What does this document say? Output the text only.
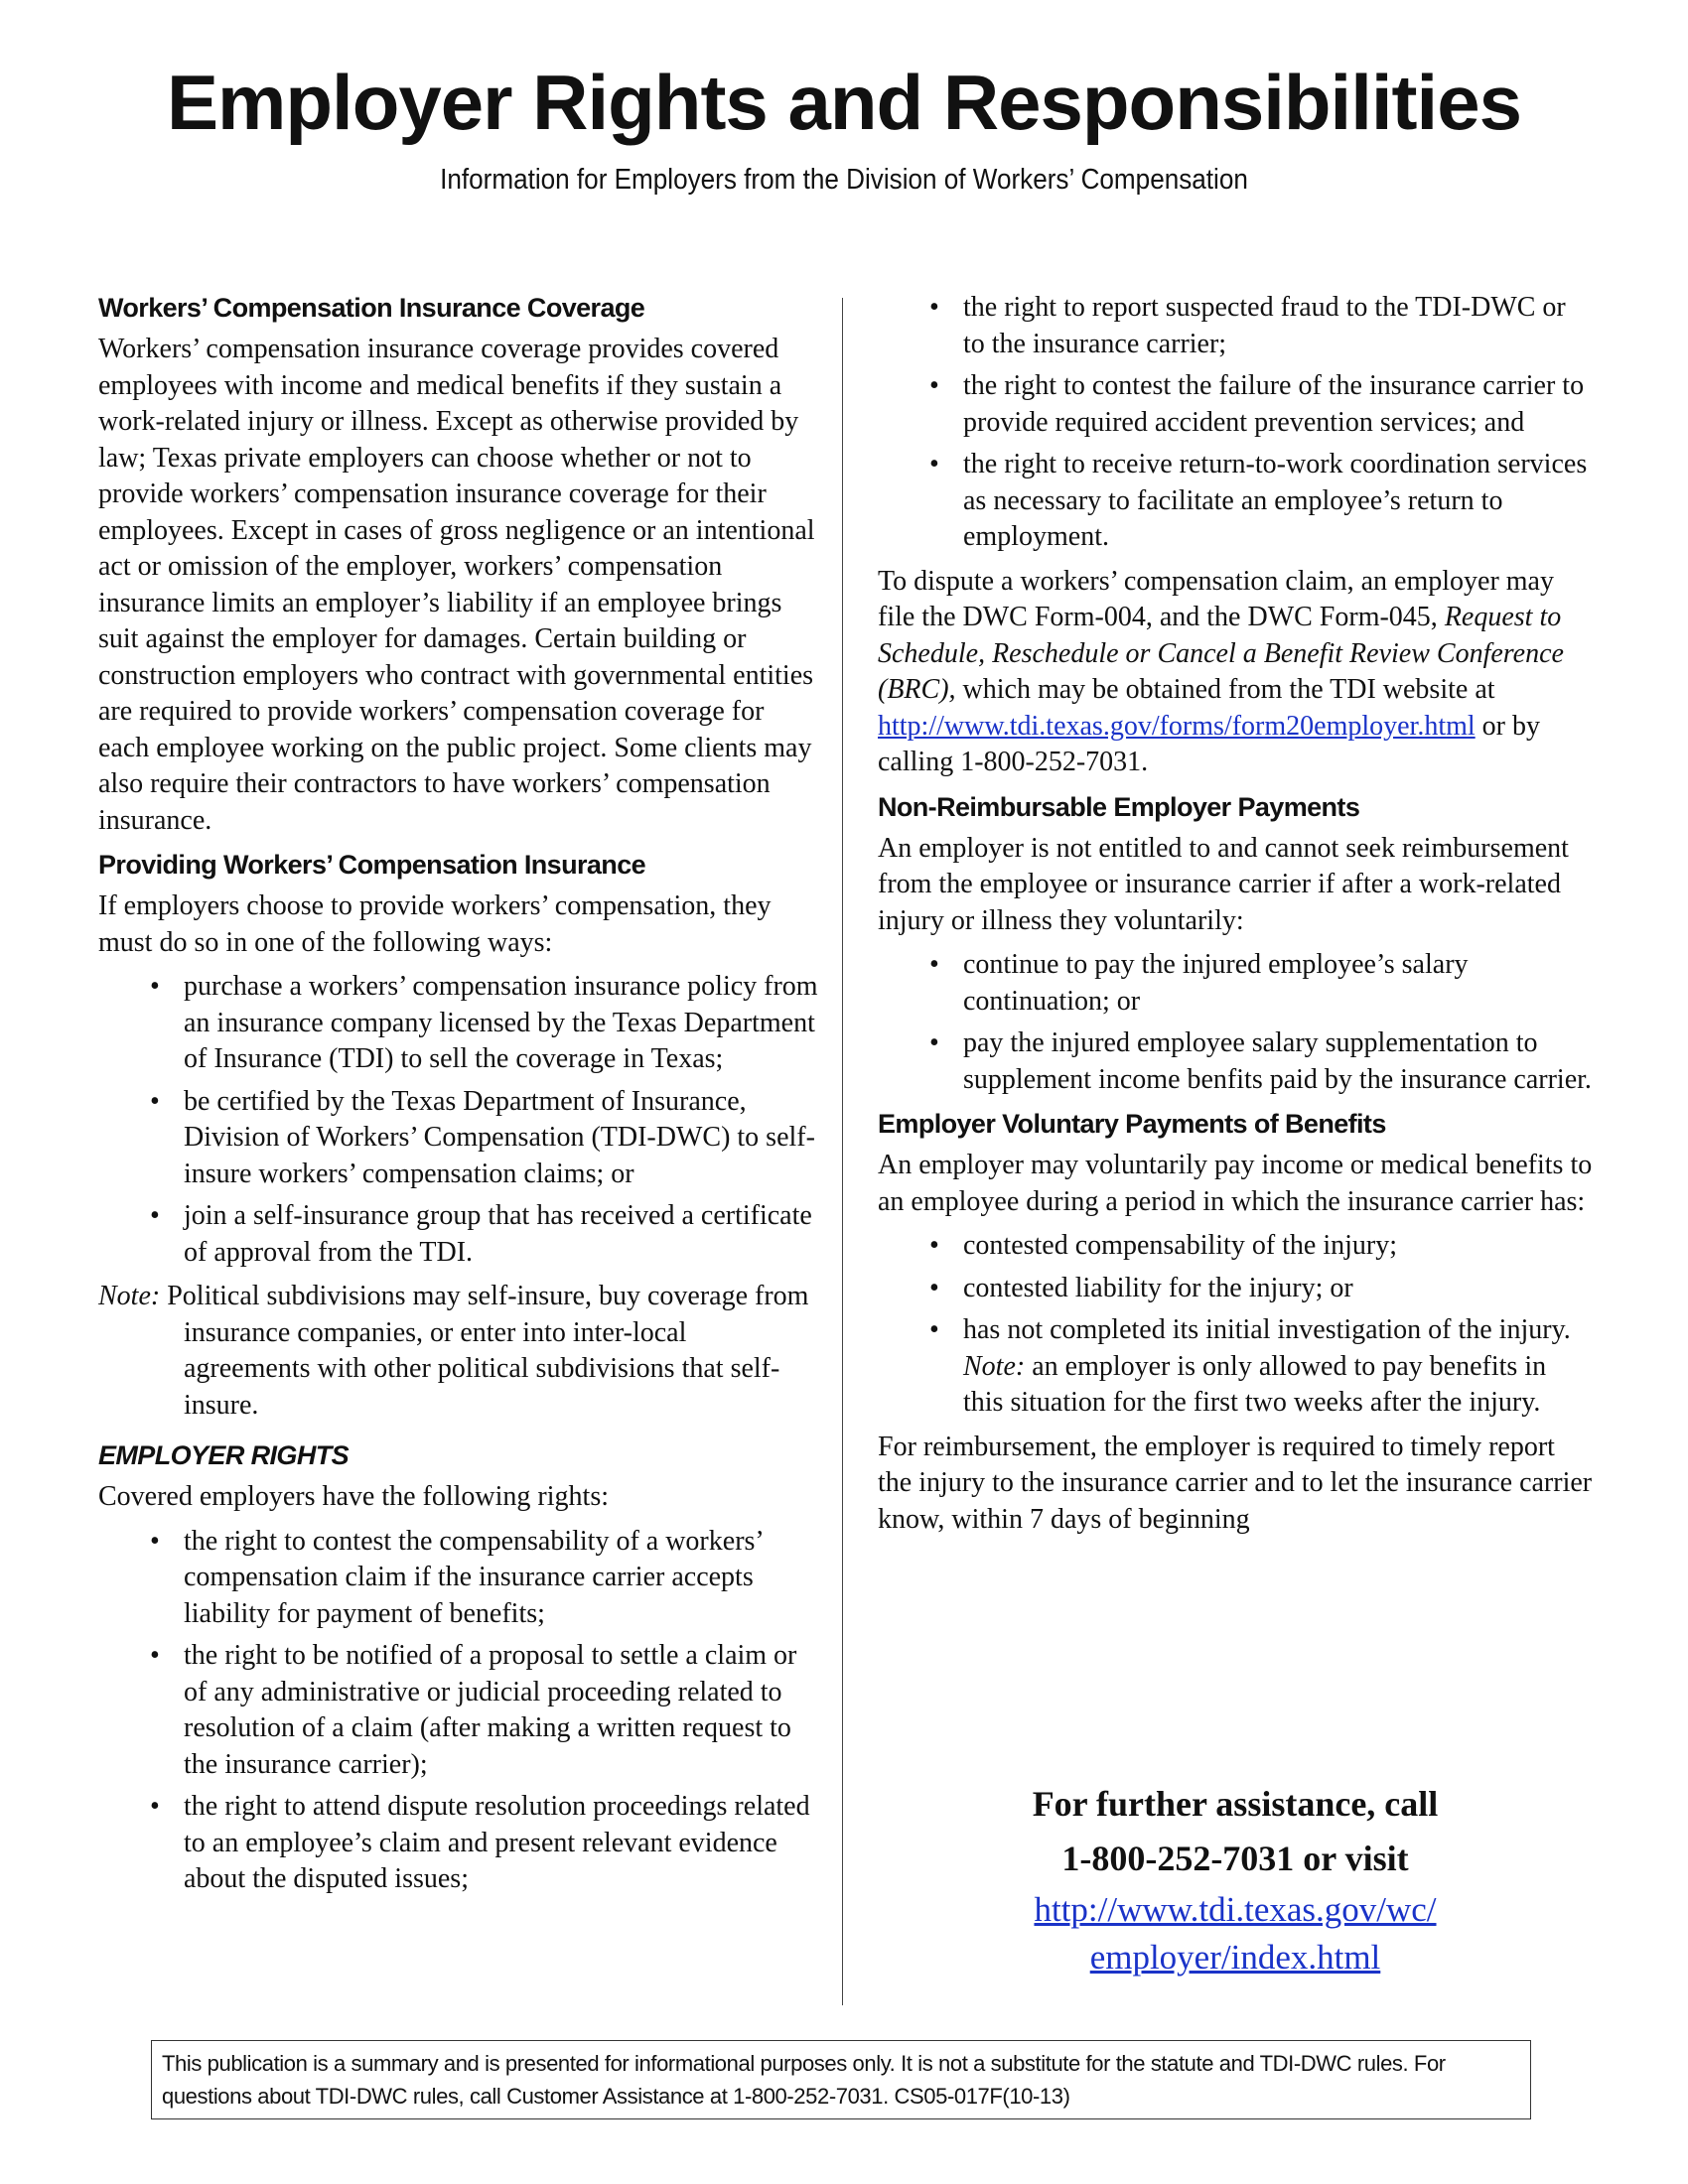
Employer Rights and Responsibilities
Information for Employers from the Division of Workers’ Compensation
Workers’ Compensation Insurance Coverage

Workers’ compensation insurance coverage provides covered employees with income and medical benefits if they sustain a work-related injury or illness. Except as otherwise provided by law; Texas private employers can choose whether or not to provide workers’ compensation insurance coverage for their employees. Except in cases of gross negligence or an intentional act or omission of the employer, workers’ compensation insurance limits an employer’s liability if an employee brings suit against the employer for damages. Certain building or construction employers who contract with governmental entities are required to provide workers’ compensation coverage for each employee working on the public project. Some clients may also require their contractors to have workers’ compensation insurance.

Providing Workers’ Compensation Insurance

If employers choose to provide workers’ compensation, they must do so in one of the following ways:

• purchase a workers’ compensation insurance policy from an insurance company licensed by the Texas Department of Insurance (TDI) to sell the coverage in Texas;
• be certified by the Texas Department of Insurance, Division of Workers’ Compensation (TDI-DWC) to self-insure workers’ compensation claims; or
• join a self-insurance group that has received a certificate of approval from the TDI.

Note: Political subdivisions may self-insure, buy coverage from insurance companies, or enter into inter-local agreements with other political subdivisions that self-insure.

EMPLOYER RIGHTS

Covered employers have the following rights:

• the right to contest the compensability of a workers’ compensation claim if the insurance carrier accepts liability for payment of benefits;
• the right to be notified of a proposal to settle a claim or of any administrative or judicial proceeding related to resolution of a claim (after making a written request to the insurance carrier);
• the right to attend dispute resolution proceedings related to an employee’s claim and present relevant evidence about the disputed issues;
• the right to report suspected fraud to the TDI-DWC or to the insurance carrier;
• the right to contest the failure of the insurance carrier to provide required accident prevention services; and
• the right to receive return-to-work coordination services as necessary to facilitate an employee’s return to employment.

To dispute a workers’ compensation claim, an employer may file the DWC Form-004, and the DWC Form-045, Request to Schedule, Reschedule or Cancel a Benefit Review Conference (BRC), which may be obtained from the TDI website at http://www.tdi.texas.gov/forms/form20employer.html or by calling 1-800-252-7031.

Non-Reimbursable Employer Payments

An employer is not entitled to and cannot seek reimbursement from the employee or insurance carrier if after a work-related injury or illness they voluntarily:

• continue to pay the injured employee’s salary continuation; or
• pay the injured employee salary supplementation to supplement income benfits paid by the insurance carrier.
Employer Voluntary Payments of Benefits

An employer may voluntarily pay income or medical benefits to an employee during a period in which the insurance carrier has:

• contested compensability of the injury;
• contested liability for the injury; or
• has not completed its initial investigation of the injury. Note: an employer is only allowed to pay benefits in this situation for the first two weeks after the injury.

For reimbursement, the employer is required to timely report the injury to the insurance carrier and to let the insurance carrier know, within 7 days of beginning

For further assistance, call
1-800-252-7031 or visit
http://www.tdi.texas.gov/wc/
employer/index.html
This publication is a summary and is presented for informational purposes only. It is not a substitute for the statute and TDI-DWC rules. For questions about TDI-DWC rules, call Customer Assistance at 1-800-252-7031. CS05-017F(10-13)
